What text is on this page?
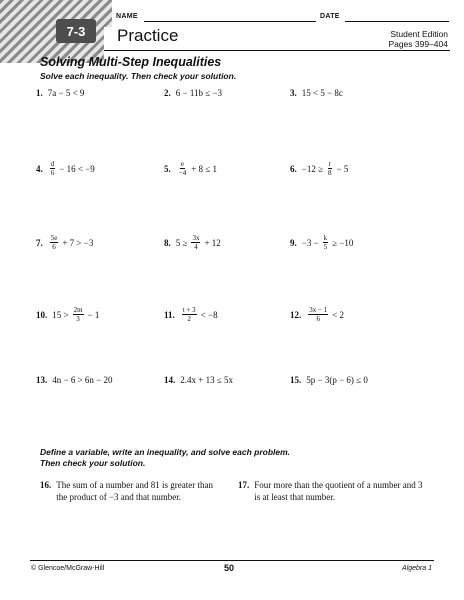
7-3
NAME	DATE
Practice	Student Edition
Pages 399–404
Solving Multi-Step Inequalities
Solve each inequality. Then check your solution.
1. 7a − 5 < 9	2. 6 − 11b ≤ −3	3. 15 < 5 − 8c
4. $\frac{d}{6} - 16 < -9$	5. $\frac{e}{-4} + 8 \le 1$	6. $-12 \ge \frac{r}{8} - 5$
7. $\frac{5e}{6} + 7 > -3$	8. $5 \ge \frac{3x}{4} + 12$	9. $-3 - \frac{k}{5} \ge -10$
10. $15 > \frac{2m}{3} - 1$	11. $\frac{t + 3}{2} < -8$	12. $\frac{3x - 1}{6} < 2$
13. 4n − 6 > 6n − 20	14. 2.4x + 13 ≤ 5x	15. 5p − 3(p − 6) ≤ 0
Define a variable, write an inequality, and solve each problem.
Then check your solution.
16. The sum of a number and 81 is greater than the product of −3 and that number.
17. Four more than the quotient of a number and 3 is at least that number.
© Glencoe/McGraw-Hill	50	Algebra 1
